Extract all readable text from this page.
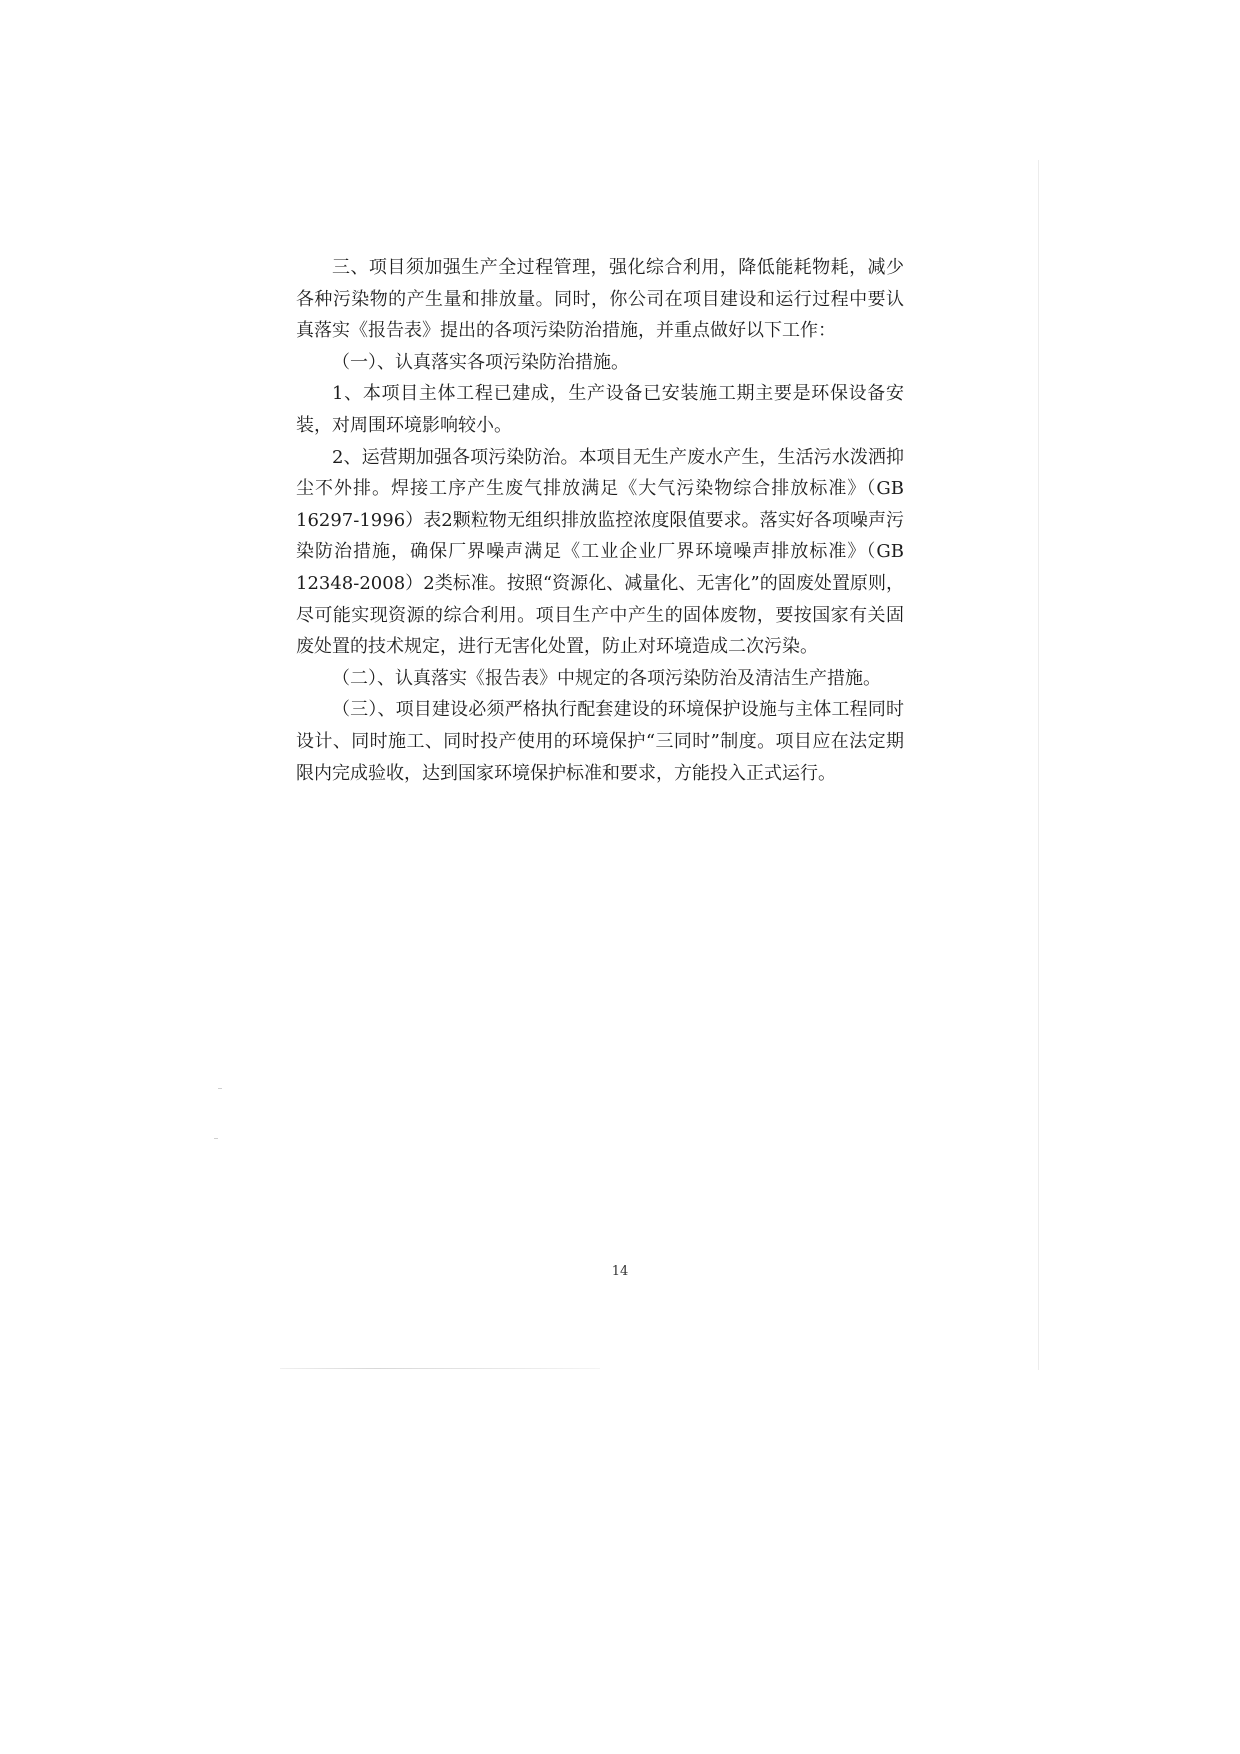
三、项目须加强生产全过程管理，强化综合利用，降低能耗物耗，减少各种污染物的产生量和排放量。同时，你公司在项目建设和运行过程中要认真落实《报告表》提出的各项污染防治措施，并重点做好以下工作：

（一）、认真落实各项污染防治措施。

1、本项目主体工程已建成，生产设备已安装施工期主要是环保设备安装，对周围环境影响较小。

2、运营期加强各项污染防治。本项目无生产废水产生，生活污水泼洒抑尘不外排。焊接工序产生废气排放满足《大气污染物综合排放标准》（GB 16297-1996）表2颗粒物无组织排放监控浓度限值要求。落实好各项噪声污染防治措施，确保厂界噪声满足《工业企业厂界环境噪声排放标准》（GB 12348-2008）2类标准。按照“资源化、减量化、无害化”的固废处置原则，尽可能实现资源的综合利用。项目生产中产生的固体废物，要按国家有关固废处置的技术规定，进行无害化处置，防止对环境造成二次污染。

（二）、认真落实《报告表》中规定的各项污染防治及清洁生产措施。

（三）、项目建设必须严格执行配套建设的环境保护设施与主体工程同时设计、同时施工、同时投产使用的环境保护“三同时”制度。项目应在法定期限内完成验收，达到国家环境保护标准和要求，方能投入正式运行。

14
